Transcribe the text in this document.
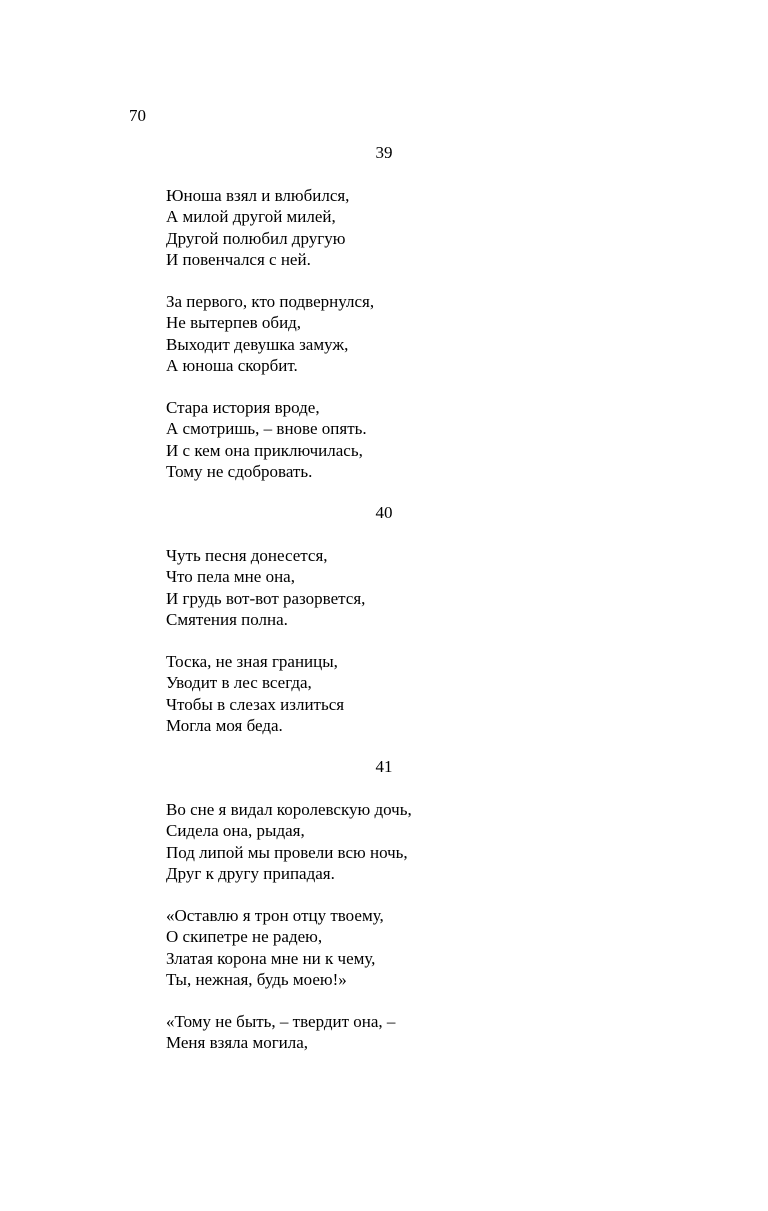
70

39

Юноша взял и влюбился,
А милой другой милей,
Другой полюбил другую
И повенчался с ней.
За первого, кто подвернулся,
Не вытерпев обид,
Выходит девушка замуж,
А юноша скорбит.
Стара история вроде,
А смотришь, – внове опять.
И с кем она приключилась,
Тому не сдобровать.

40

Чуть песня донесется,
Что пела мне она,
И грудь вот-вот разорвется,
Смятения полна.
Тоска, не зная границы,
Уводит в лес всегда,
Чтобы в слезах излиться
Могла моя беда.

41

Во сне я видал королевскую дочь,
Сидела она, рыдая,
Под липой мы провели всю ночь,
Друг к другу припадая.
«Оставлю я трон отцу твоему,
О скипетре не радею,
Златая корона мне ни к чему,
Ты, нежная, будь моею!»
«Тому не быть, – твердит она, –
Меня взяла могила,
